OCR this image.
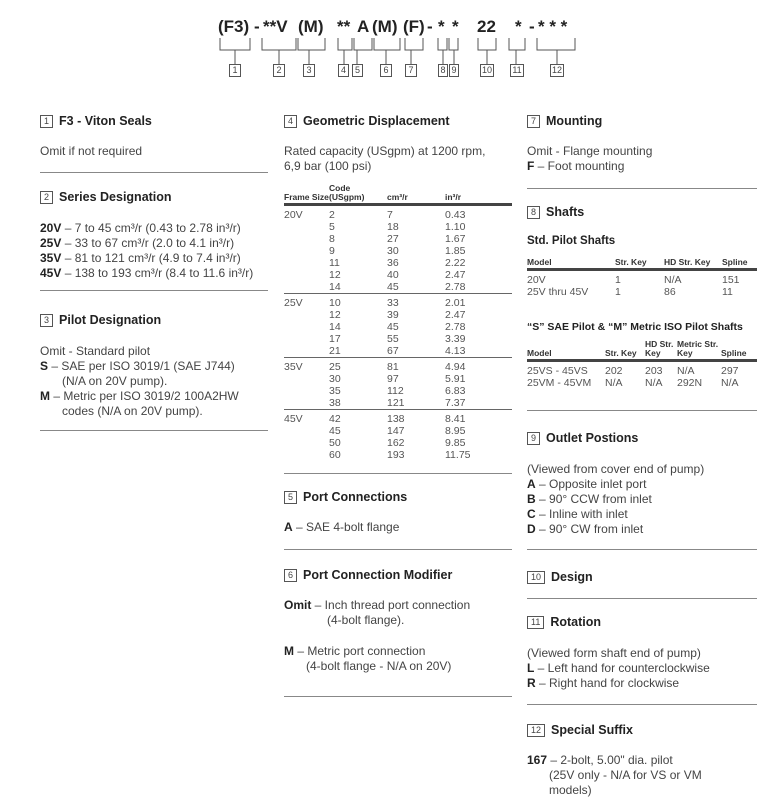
(F3) - **V (M) ** A (M) (F) - * * 22 * - * * *
1	2	3	4 5	6	7	8 9	10 11	12
1 F3 - Viton Seals
Omit if not required
2 Series Designation
20V – 7 to 45 cm³/r (0.43 to 2.78 in³/r)
25V – 33 to 67 cm³/r (2.0 to 4.1 in³/r)
35V – 81 to 121 cm³/r (4.9 to 7.4 in³/r)
45V – 138 to 193 cm³/r (8.4 to 11.6 in³/r)
3 Pilot Designation
Omit - Standard pilot
S – SAE per ISO 3019/1 (SAE J744)
(N/A on 20V pump).
M – Metric per ISO 3019/2 100A2HW
codes (N/A on 20V pump).
4 Geometric Displacement
Rated capacity (USgpm) at 1200 rpm,
6,9 bar (100 psi)
Frame Size	Code (USgpm)	cm³/r	in³/r
20V	2	7	0.43
	5	18	1.10
	8	27	1.67
	9	30	1.85
	11	36	2.22
	12	40	2.47
	14	45	2.78
25V	10	33	2.01
	12	39	2.47
	14	45	2.78
	17	55	3.39
	21	67	4.13
35V	25	81	4.94
	30	97	5.91
	35	112	6.83
	38	121	7.37
45V	42	138	8.41
	45	147	8.95
	50	162	9.85
	60	193	11.75
5 Port Connections
A – SAE 4-bolt flange
6 Port Connection Modifier
Omit – Inch thread port connection
(4-bolt flange).
M – Metric port connection
(4-bolt flange - N/A on 20V)
7 Mounting
Omit - Flange mounting
F – Foot mounting
8 Shafts
Std. Pilot Shafts
Model	Str. Key	HD Str. Key	Spline
20V	1	N/A	151
25V thru 45V	1	86	11
“S” SAE Pilot & “M” Metric ISO Pilot Shafts
Model	Str. Key	HD Str. Key	Metric Str. Key	Spline
25VS - 45VS	202	203	N/A	297
25VM - 45VM	N/A	N/A	292N	N/A
9 Outlet Postions
(Viewed from cover end of pump)
A – Opposite inlet port
B – 90° CCW from inlet
C – Inline with inlet
D – 90° CW from inlet
10 Design
11 Rotation
(Viewed form shaft end of pump)
L – Left hand for counterclockwise
R – Right hand for clockwise
12 Special Suffix
167 – 2-bolt, 5.00" dia. pilot
(25V only - N/A for VS or VM
models)
